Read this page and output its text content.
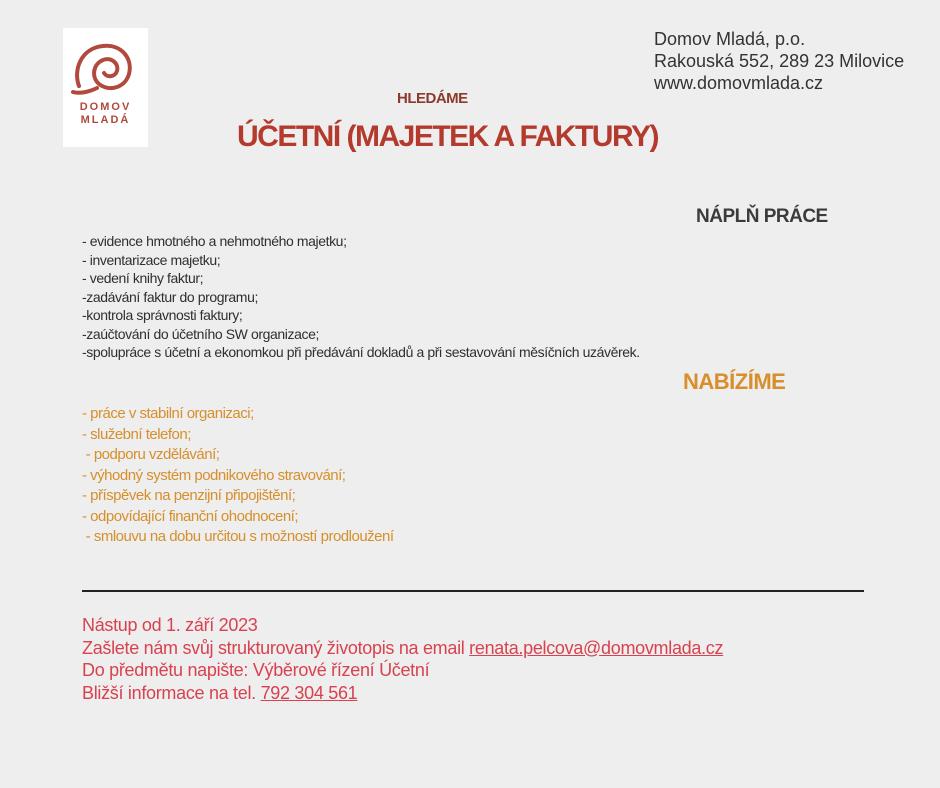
DOMOV
MLADÁ
Domov Mladá, p.o.
Rakouská 552, 289 23 Milovice
www.domovmlada.cz
HLEDÁME
ÚČETNÍ (MAJETEK A FAKTURY)
NÁPLŇ PRÁCE
- evidence hmotného a nehmotného majetku;
- inventarizace majetku;
- vedení knihy faktur;
-zadávání faktur do programu;
-kontrola správnosti faktury;
-zaúčtování do účetního SW organizace;
-spolupráce s účetní a ekonomkou při předávání dokladů a při sestavování měsíčních uzávěrek.
NABÍZÍME
- práce v stabilní organizaci;
- služební telefon;
- podporu vzdělávání;
- výhodný systém podnikového stravování;
- příspěvek na penzijní připojištění;
- odpovídající finanční ohodnocení;
- smlouvu na dobu určitou s možností prodloužení
Nástup od 1. září 2023
Zašlete nám svůj strukturovaný životopis na email renata.pelcova@domovmlada.cz
Do předmětu napište: Výběrové řízení Účetní
Bližší informace na tel. 792 304 561
